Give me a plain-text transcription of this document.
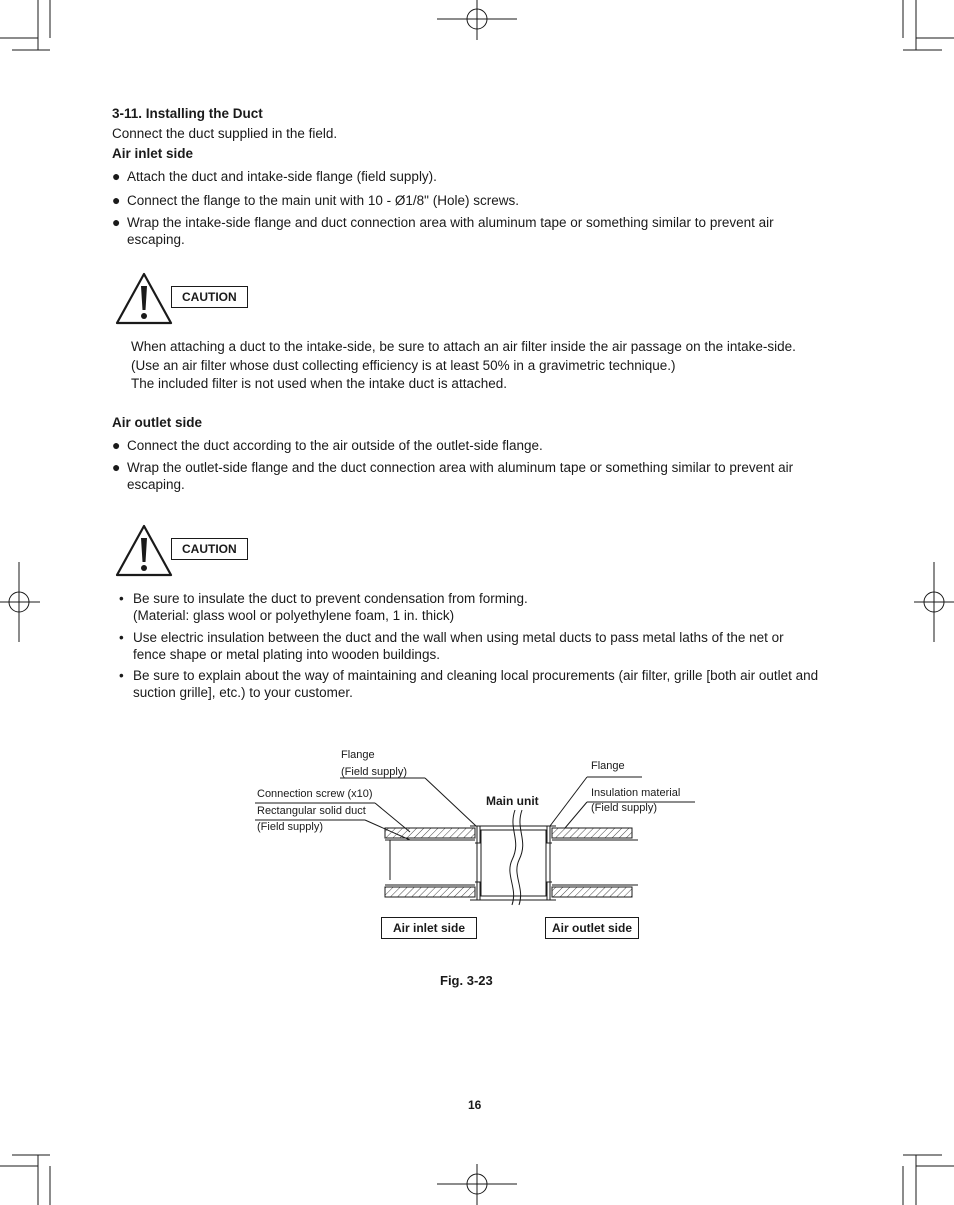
3-11. Installing the Duct
Connect the duct supplied in the field.
Air inlet side
● Attach the duct and intake-side flange (field supply).
● Connect the flange to the main unit with 10 - Ø1/8" (Hole) screws.
● Wrap the intake-side flange and duct connection area with aluminum tape or something similar to prevent air escaping.
CAUTION
When attaching a duct to the intake-side, be sure to attach an air filter inside the air passage on the intake-side.
(Use an air filter whose dust collecting efficiency is at least 50% in a gravimetric technique.)
The included filter is not used when the intake duct is attached.
Air outlet side
● Connect the duct according to the air outside of the outlet-side flange.
● Wrap the outlet-side flange and the duct connection area with aluminum tape or something similar to prevent air escaping.
CAUTION
• Be sure to insulate the duct to prevent condensation from forming.
(Material: glass wool or polyethylene foam, 1 in. thick)
• Use electric insulation between the duct and the wall when using metal ducts to pass metal laths of the net or fence shape or metal plating into wooden buildings.
• Be sure to explain about the way of maintaining and cleaning local procurements (air filter, grille [both air outlet and suction grille], etc.) to your customer.
Flange
(Field supply)
Connection screw (x10)
Rectangular solid duct
(Field supply)
Main unit
Flange
Insulation material
(Field supply)
Air inlet side	Air outlet side
Fig. 3-23
16
